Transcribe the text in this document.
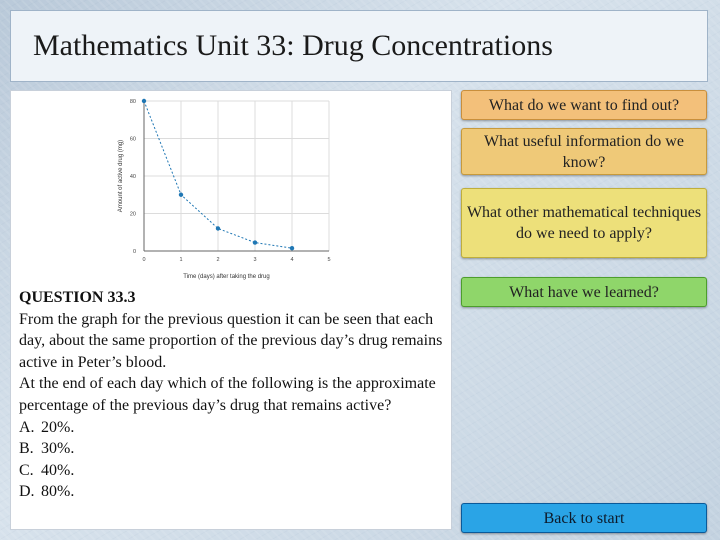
Mathematics Unit 33: Drug Concentrations
0
20
40
60
80
0	1	2	3	4	5
Amount of active drug (mg)
Time (days) after taking the drug
QUESTION 33.3
From the graph for the previous question it can be seen that each day, about the same proportion of the previous day’s drug remains active in Peter’s blood.
At the end of each day which of the following is the approximate percentage of the previous day’s drug that remains active?
A. 20%.
B. 30%.
C. 40%.
D. 80%.
What do we want to find out?
What useful information do we know?
What other mathematical techniques do we need to apply?
What have we learned?
Back to start
